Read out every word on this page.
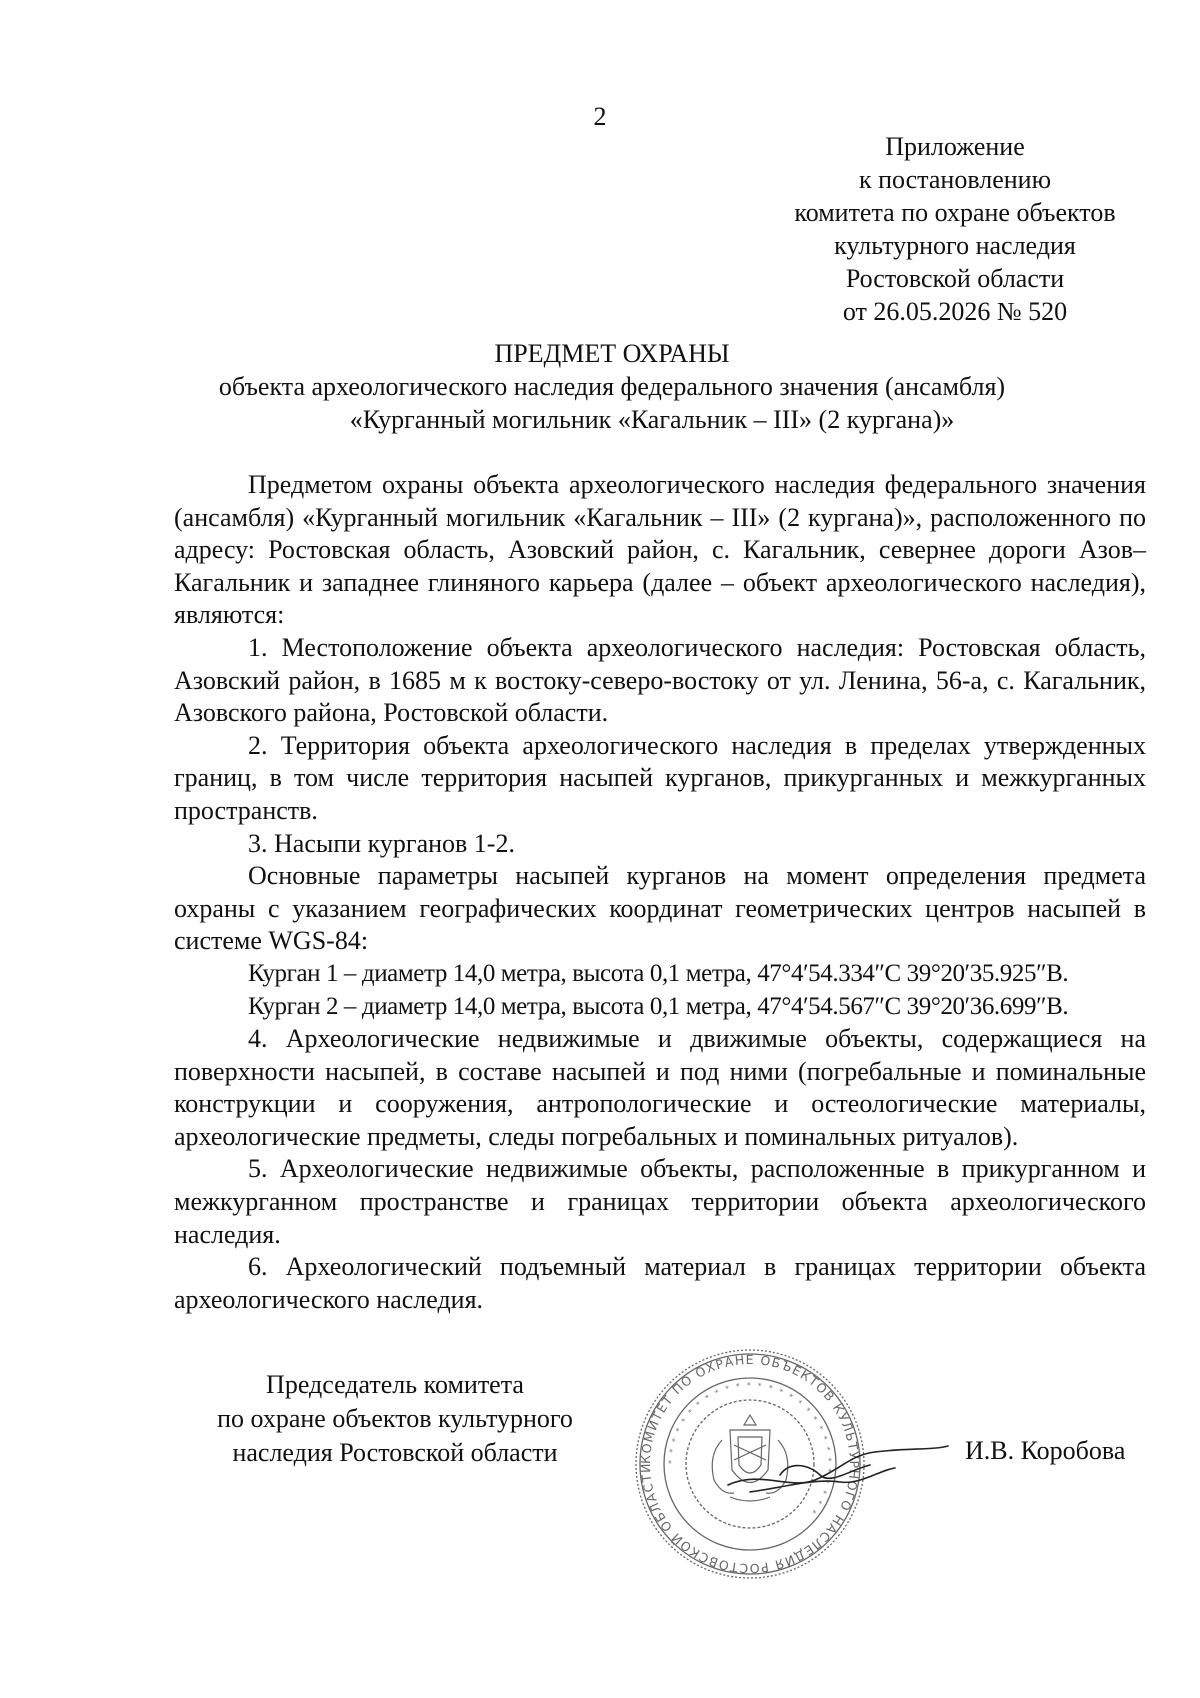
2
Приложение
к постановлению
комитета по охране объектов
культурного наследия
Ростовской области
от 26.05.2026 № 520
ПРЕДМЕТ ОХРАНЫ
объекта археологического наследия федерального значения (ансамбля)
«Курганный могильник «Кагальник – III» (2 кургана)»

Предметом охраны объекта археологического наследия федерального значения (ансамбля) «Курганный могильник «Кагальник – III» (2 кургана)», расположенного по адресу: Ростовская область, Азовский район, с. Кагальник, севернее дороги Азов–Кагальник и западнее глиняного карьера (далее – объект археологического наследия), являются:

1. Местоположение объекта археологического наследия: Ростовская область, Азовский район, в 1685 м к востоку-северо-востоку от ул. Ленина, 56-а, с. Кагальник, Азовского района, Ростовской области.

2. Территория объекта археологического наследия в пределах утвержденных границ, в том числе территория насыпей курганов, прикурганных и межкурганных пространств.

3. Насыпи курганов 1-2.

Основные параметры насыпей курганов на момент определения предмета охраны с указанием географических координат геометрических центров насыпей в системе WGS-84:

Курган 1 – диаметр 14,0 метра, высота 0,1 метра, 47°4′54.334″С 39°20′35.925″В.

Курган 2 – диаметр 14,0 метра, высота 0,1 метра, 47°4′54.567″С 39°20′36.699″В.

4. Археологические недвижимые и движимые объекты, содержащиеся на поверхности насыпей, в составе насыпей и под ними (погребальные и поминальные конструкции и сооружения, антропологические и остеологические материалы, археологические предметы, следы погребальных и поминальных ритуалов).

5. Археологические недвижимые объекты, расположенные в прикурганном и межкурганном пространстве и границах территории объекта археологического наследия.

6. Археологический подъемный материал в границах территории объекта археологического наследия.

Председатель комитета
по охране объектов культурного
наследия Ростовской области	КОМИТЕТ ПО ОХРАНЕ ОБЪЕКТОВ КУЛЬТУРНОГО НАСЛЕДИЯ РОСТОВСКОЙ ОБЛАСТИ
* * * * * * * * * * * * * * * * * * * * * * * * * * * *
И.В. Коробова
